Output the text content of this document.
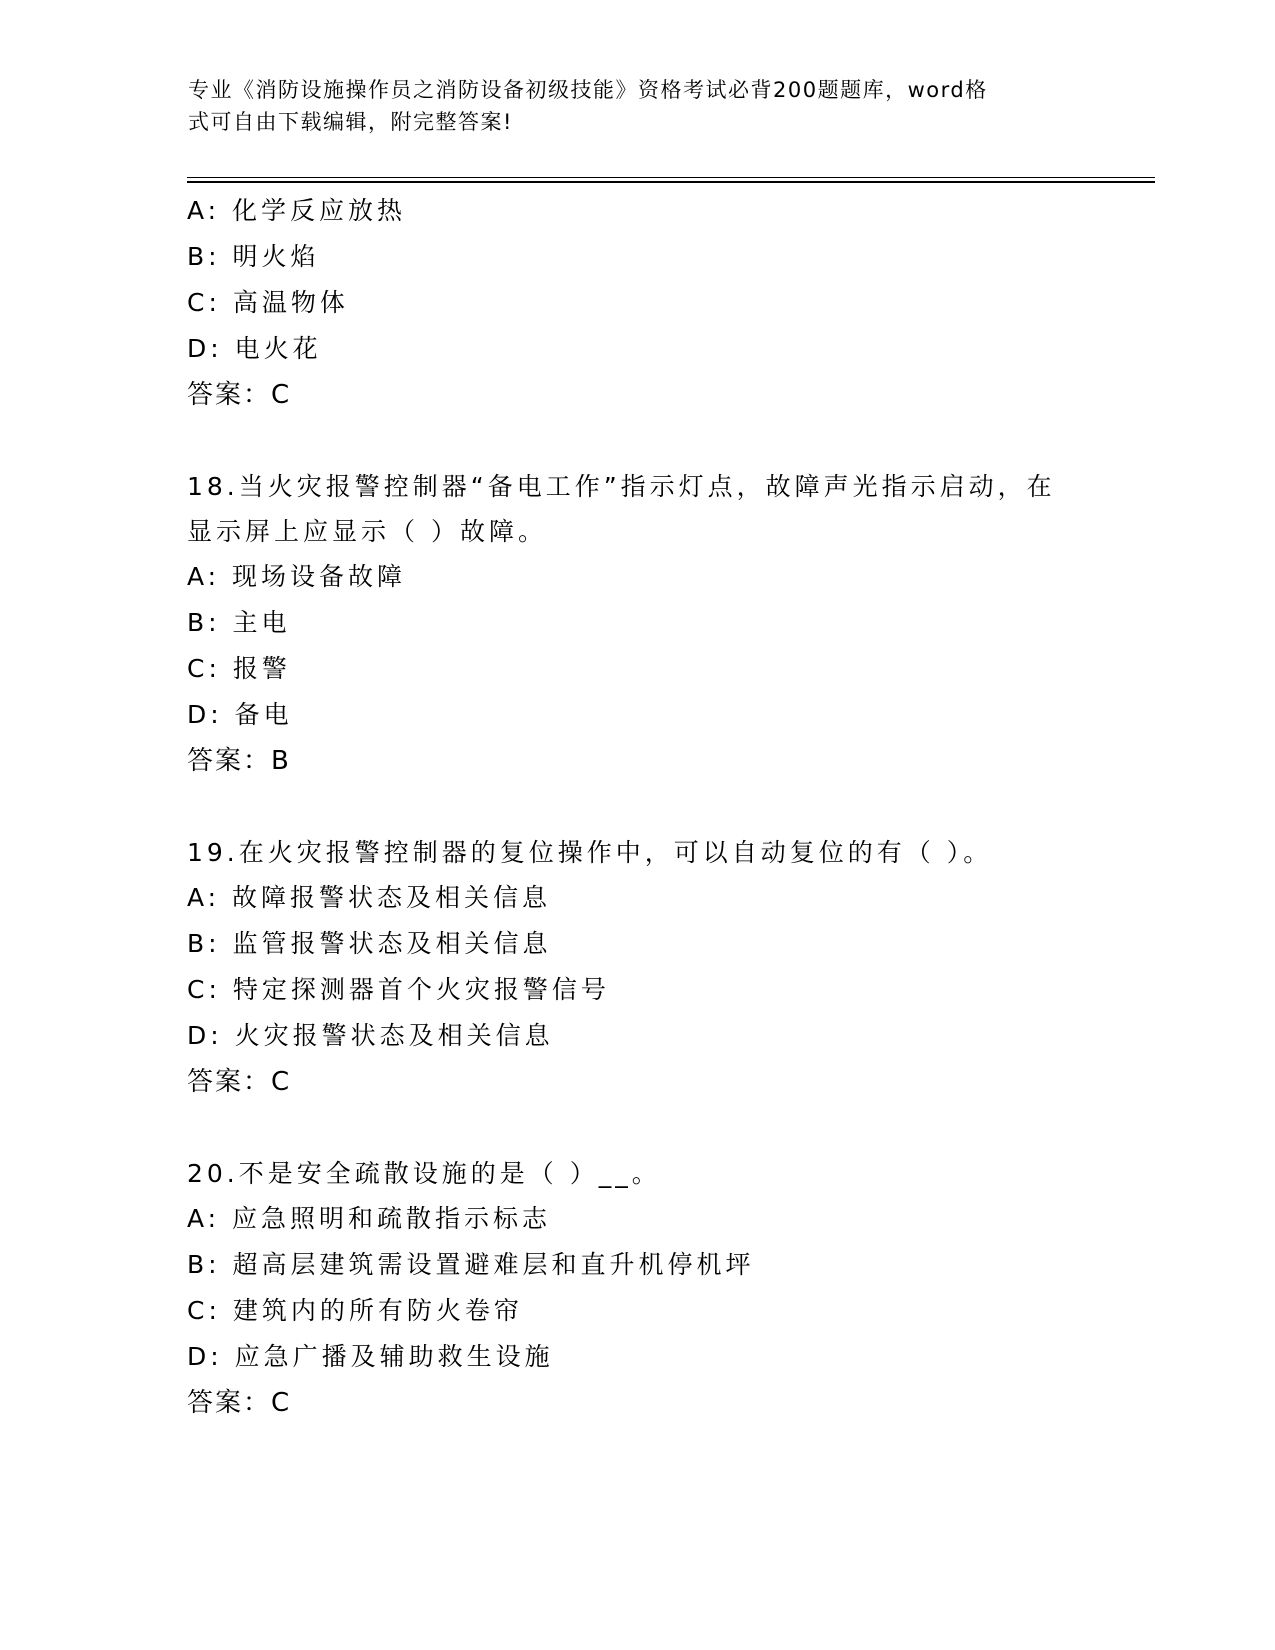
专业《消防设施操作员之消防设备初级技能》资格考试必背200题题库，word格
式可自由下载编辑，附完整答案!
A: 化学反应放热
B: 明火焰
C: 高温物体
D: 电火花
答案：C
18.当火灾报警控制器“备电工作”指示灯点，故障声光指示启动，在
显示屏上应显示（ ）故障。
A: 现场设备故障
B: 主电
C: 报警
D: 备电
答案：B
19.在火灾报警控制器的复位操作中，可以自动复位的有（ ）。
A: 故障报警状态及相关信息
B: 监管报警状态及相关信息
C: 特定探测器首个火灾报警信号
D: 火灾报警状态及相关信息
答案：C
20.不是安全疏散设施的是（ ）__。
A: 应急照明和疏散指示标志
B: 超高层建筑需设置避难层和直升机停机坪
C: 建筑内的所有防火卷帘
D: 应急广播及辅助救生设施
答案：C
